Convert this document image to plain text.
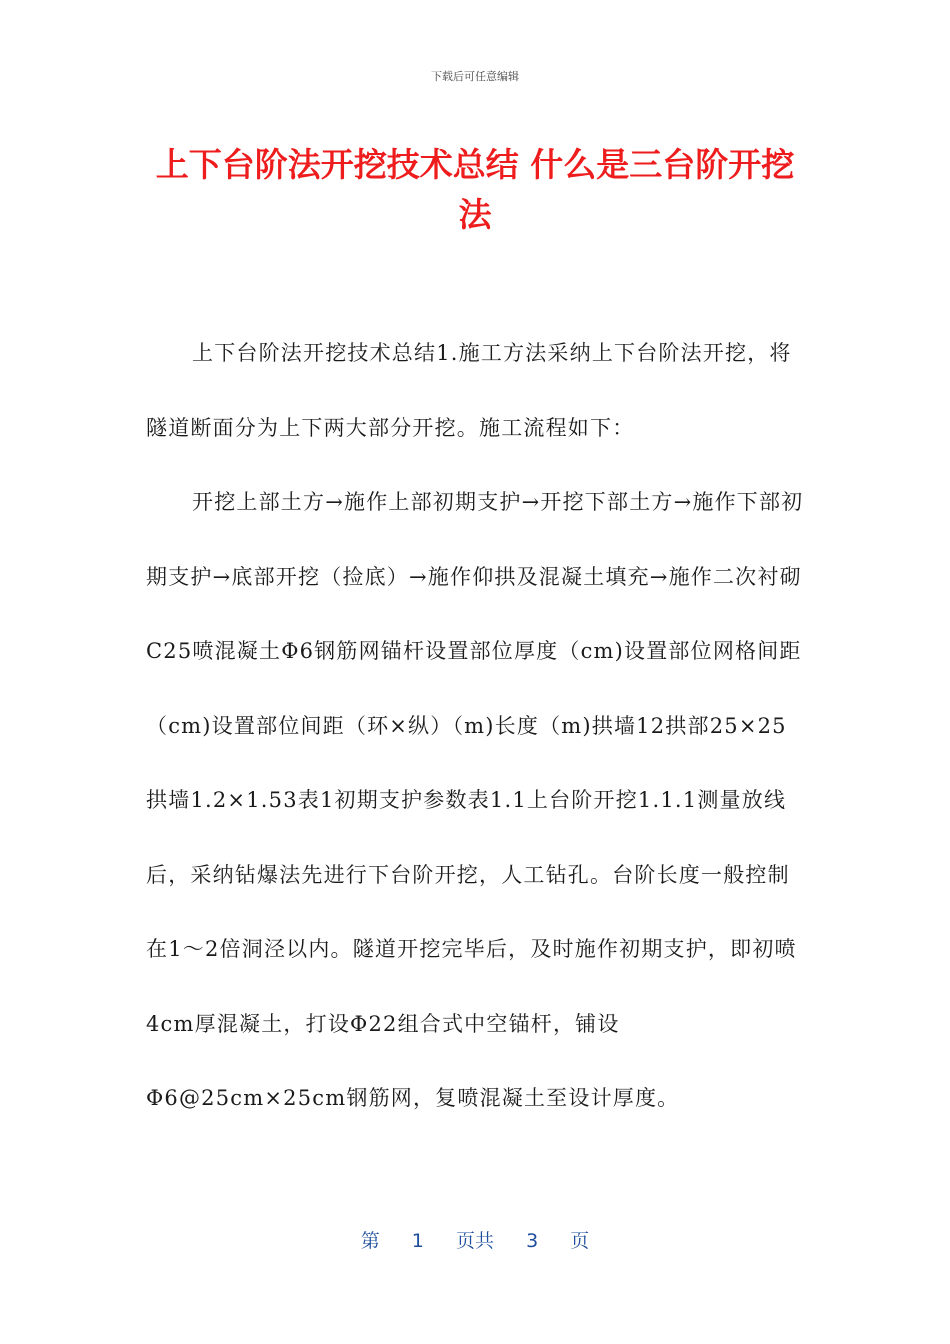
下载后可任意编辑
上下台阶法开挖技术总结 什么是三台阶开挖法

上下台阶法开挖技术总结1.施工方法采纳上下台阶法开挖，将隧道断面分为上下两大部分开挖。施工流程如下：

开挖上部土方→施作上部初期支护→开挖下部土方→施作下部初期支护→底部开挖（捡底）→施作仰拱及混凝土填充→施作二次衬砌C25喷混凝土Φ6钢筋网锚杆设置部位厚度（cm)设置部位网格间距（cm)设置部位间距（环×纵）（m)长度（m)拱墙12拱部25×25拱墙1.2×1.53表1初期支护参数表1.1上台阶开挖1.1.1测量放线后，采纳钻爆法先进行下台阶开挖，人工钻孔。台阶长度一般控制在1～2倍洞泾以内。隧道开挖完毕后，及时施作初期支护，即初喷4cm厚混凝土，打设Φ22组合式中空锚杆，铺设Φ6@25cm×25cm钢筋网，复喷混凝土至设计厚度。

第 1 页共 3 页
